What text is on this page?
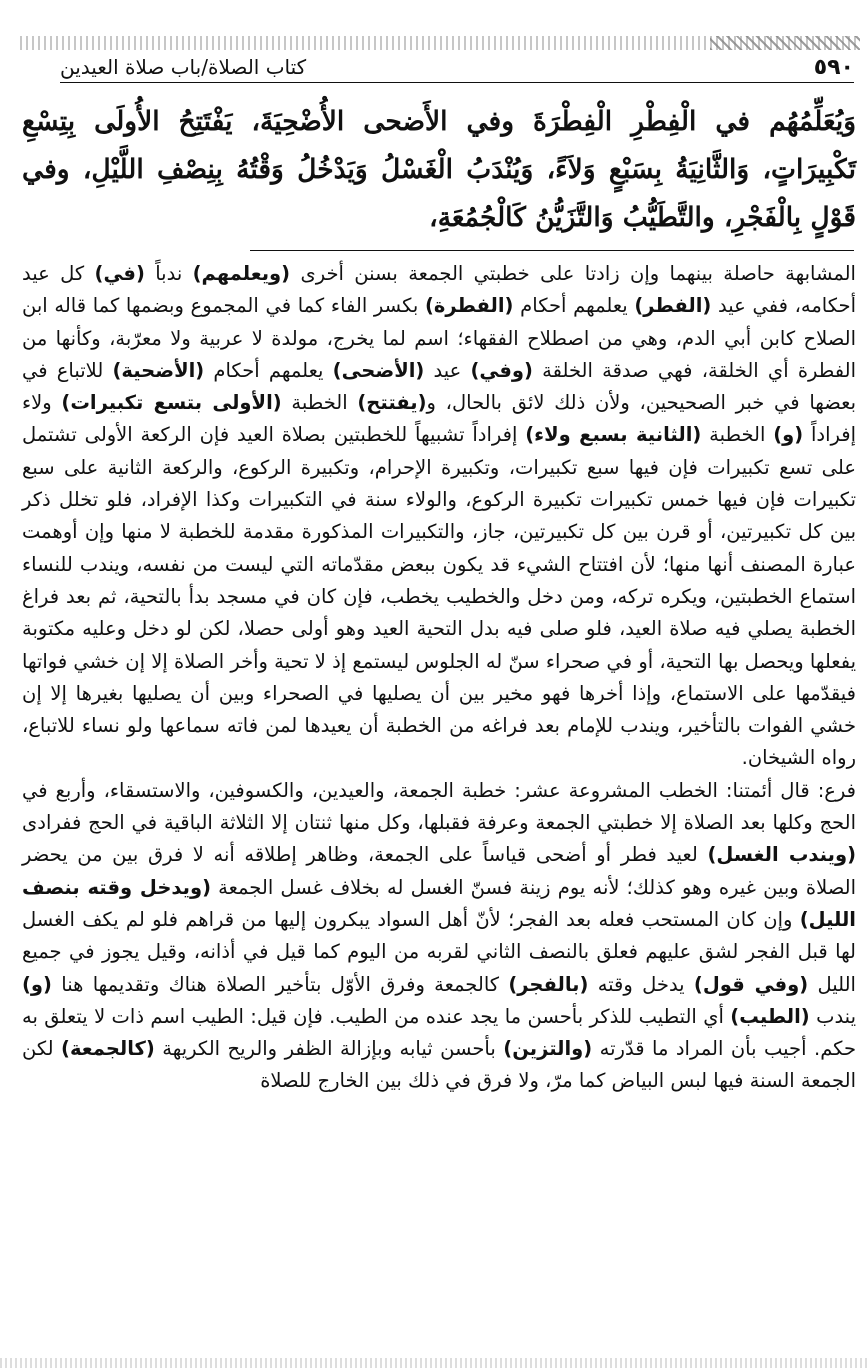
٥٩٠
كتاب الصلاة/باب صلاة العيدين
وَيُعَلِّمُهُم في الْفِطْرِ الْفِطْرَةَ وفي الأَضحى الأُضْحِيَةَ، يَفْتَتِحُ الأُولَى بِتِسْعِ تَكْبِيرَاتٍ، وَالثَّانِيَةُ بِسَبْعٍ وَلاَءً، وَيُنْدَبُ الْغَسْلُ وَيَدْخُلُ وَقْتُهُ بِنِصْفِ اللَّيْلِ، وفي قَوْلٍ بِالْفَجْرِ، والتَّطَيُّبُ وَالتَّزَيُّنُ كَالْجُمُعَةِ،

المشابهة حاصلة بينهما وإن زادتا على خطبتي الجمعة بسنن أخرى (ويعلمهم) ندباً (في) كل عيد أحكامه، ففي عيد (الفطر) يعلمهم أحكام (الفطرة) بكسر الفاء كما في المجموع وبضمها كما قاله ابن الصلاح كابن أبي الدم، وهي من اصطلاح الفقهاء؛ اسم لما يخرج، مولدة لا عربية ولا معرّبة، وكأنها من الفطرة أي الخلقة، فهي صدقة الخلقة (وفي) عيد (الأضحى) يعلمهم أحكام (الأضحية) للاتباع في بعضها في خبر الصحيحين، ولأن ذلك لائق بالحال، و(يفتتح) الخطبة (الأولى بتسع تكبيرات) ولاء إفراداً (و) الخطبة (الثانية بسبع ولاء) إفراداً تشبيهاً للخطبتين بصلاة العيد فإن الركعة الأولى تشتمل على تسع تكبيرات فإن فيها سبع تكبيرات، وتكبيرة الإحرام، وتكبيرة الركوع، والركعة الثانية على سبع تكبيرات فإن فيها خمس تكبيرات تكبيرة الركوع، والولاء سنة في التكبيرات وكذا الإفراد، فلو تخلل ذكر بين كل تكبيرتين، أو قرن بين كل تكبيرتين، جاز، والتكبيرات المذكورة مقدمة للخطبة لا منها وإن أوهمت عبارة المصنف أنها منها؛ لأن افتتاح الشيء قد يكون ببعض مقدّماته التي ليست من نفسه، ويندب للنساء استماع الخطبتين، ويكره تركه، ومن دخل والخطيب يخطب، فإن كان في مسجد بدأ بالتحية، ثم بعد فراغ الخطبة يصلي فيه صلاة العيد، فلو صلى فيه بدل التحية العيد وهو أولى حصلا، لكن لو دخل وعليه مكتوبة يفعلها ويحصل بها التحية، أو في صحراء سنّ له الجلوس ليستمع إذ لا تحية وأخر الصلاة إلا إن خشي فواتها فيقدّمها على الاستماع، وإذا أخرها فهو مخير بين أن يصليها في الصحراء وبين أن يصليها بغيرها إلا إن خشي الفوات بالتأخير، ويندب للإمام بعد فراغه من الخطبة أن يعيدها لمن فاته سماعها ولو نساء للاتباع، رواه الشيخان.

فرع: قال أئمتنا: الخطب المشروعة عشر: خطبة الجمعة، والعيدين، والكسوفين، والاستسقاء، وأربع في الحج وكلها بعد الصلاة إلا خطبتي الجمعة وعرفة فقبلها، وكل منها ثنتان إلا الثلاثة الباقية في الحج ففرادى (ويندب الغسل) لعيد فطر أو أضحى قياساً على الجمعة، وظاهر إطلاقه أنه لا فرق بين من يحضر الصلاة وبين غيره وهو كذلك؛ لأنه يوم زينة فسنّ الغسل له بخلاف غسل الجمعة (ويدخل وقته بنصف الليل) وإن كان المستحب فعله بعد الفجر؛ لأنّ أهل السواد يبكرون إليها من قراهم فلو لم يكف الغسل لها قبل الفجر لشق عليهم فعلق بالنصف الثاني لقربه من اليوم كما قيل في أذانه، وقيل يجوز في جميع الليل (وفي قول) يدخل وقته (بالفجر) كالجمعة وفرق الأوّل بتأخير الصلاة هناك وتقديمها هنا (و) يندب (الطيب) أي التطيب للذكر بأحسن ما يجد عنده من الطيب. فإن قيل: الطيب اسم ذات لا يتعلق به حكم. أجيب بأن المراد ما قدّرته (والتزين) بأحسن ثيابه وبإزالة الظفر والريح الكريهة (كالجمعة) لكن الجمعة السنة فيها لبس البياض كما مرّ، ولا فرق في ذلك بين الخارج للصلاة
